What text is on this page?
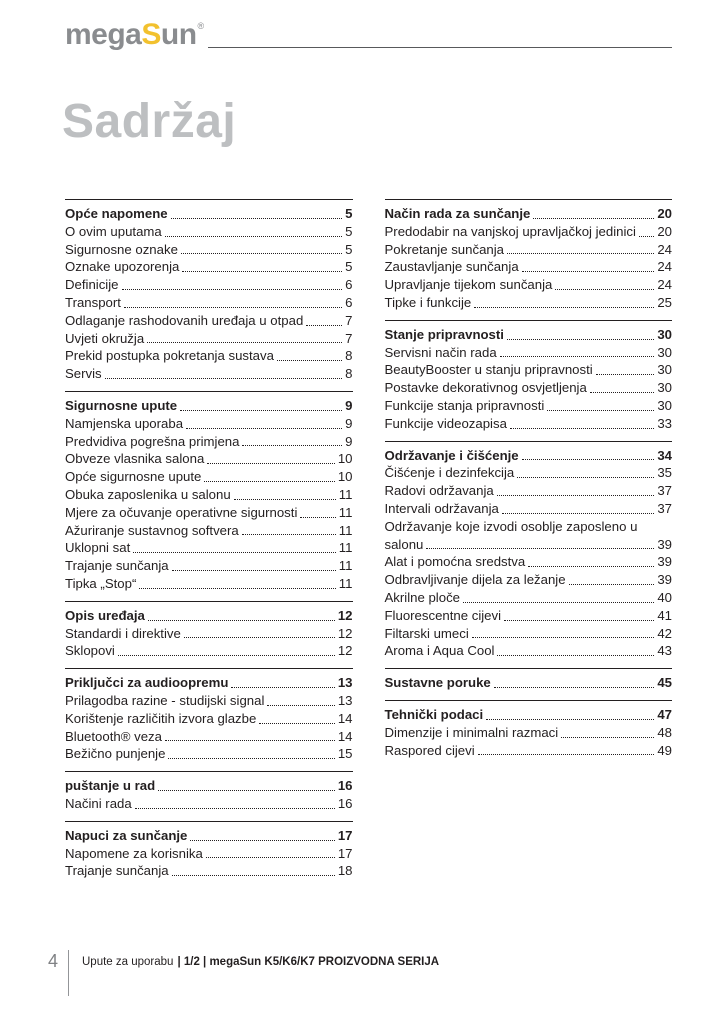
megaSun®
Sadržaj
Opće napomene	5
O ovim uputama	5
Sigurnosne oznake	5
Oznake upozorenja	5
Definicije	6
Transport	6
Odlaganje rashodovanih uređaja u otpad	7
Uvjeti okružja	7
Prekid postupka pokretanja sustava	8
Servis	8
Sigurnosne upute	9
Namjenska uporaba	9
Predvidiva pogrešna primjena	9
Obveze vlasnika salona	10
Opće sigurnosne upute	10
Obuka zaposlenika u salonu	11
Mjere za očuvanje operativne sigurnosti	11
Ažuriranje sustavnog softvera	11
Uklopni sat	11
Trajanje sunčanja	11
Tipka „Stop“	11
Opis uređaja	12
Standardi i direktive	12
Sklopovi	12
Priključci za audioopremu	13
Prilagodba razine - studijski signal	13
Korištenje različitih izvora glazbe	14
Bluetooth® veza	14
Bežično punjenje	15
puštanje u rad	16
Načini rada	16
Napuci za sunčanje	17
Napomene za korisnika	17
Trajanje sunčanja	18
Način rada za sunčanje	20
Predodabir na vanjskoj upravljačkoj jedinici 20
Pokretanje sunčanja	24
Zaustavljanje sunčanja	24
Upravljanje tijekom sunčanja	24
Tipke i funkcije	25
Stanje pripravnosti	30
Servisni način rada	30
BeautyBooster u stanju pripravnosti	30
Postavke dekorativnog osvjetljenja	30
Funkcije stanja pripravnosti	30
Funkcije videozapisa	33
Održavanje i čišćenje	34
Čišćenje i dezinfekcija	35
Radovi održavanja	37
Intervali održavanja	37
Održavanje koje izvodi osoblje zaposleno u
salonu	39
Alat i pomoćna sredstva	39
Odbravljivanje dijela za ležanje	39
Akrilne ploče	40
Fluorescentne cijevi	41
Filtarski umeci	42
Aroma i Aqua Cool	43
Sustavne poruke	45
Tehnički podaci	47
Dimenzije i minimalni razmaci	48
Raspored cijevi	49
4 Upute za uporabu | 1/2 | megaSun K5/K6/K7 PROIZVODNA SERIJA
